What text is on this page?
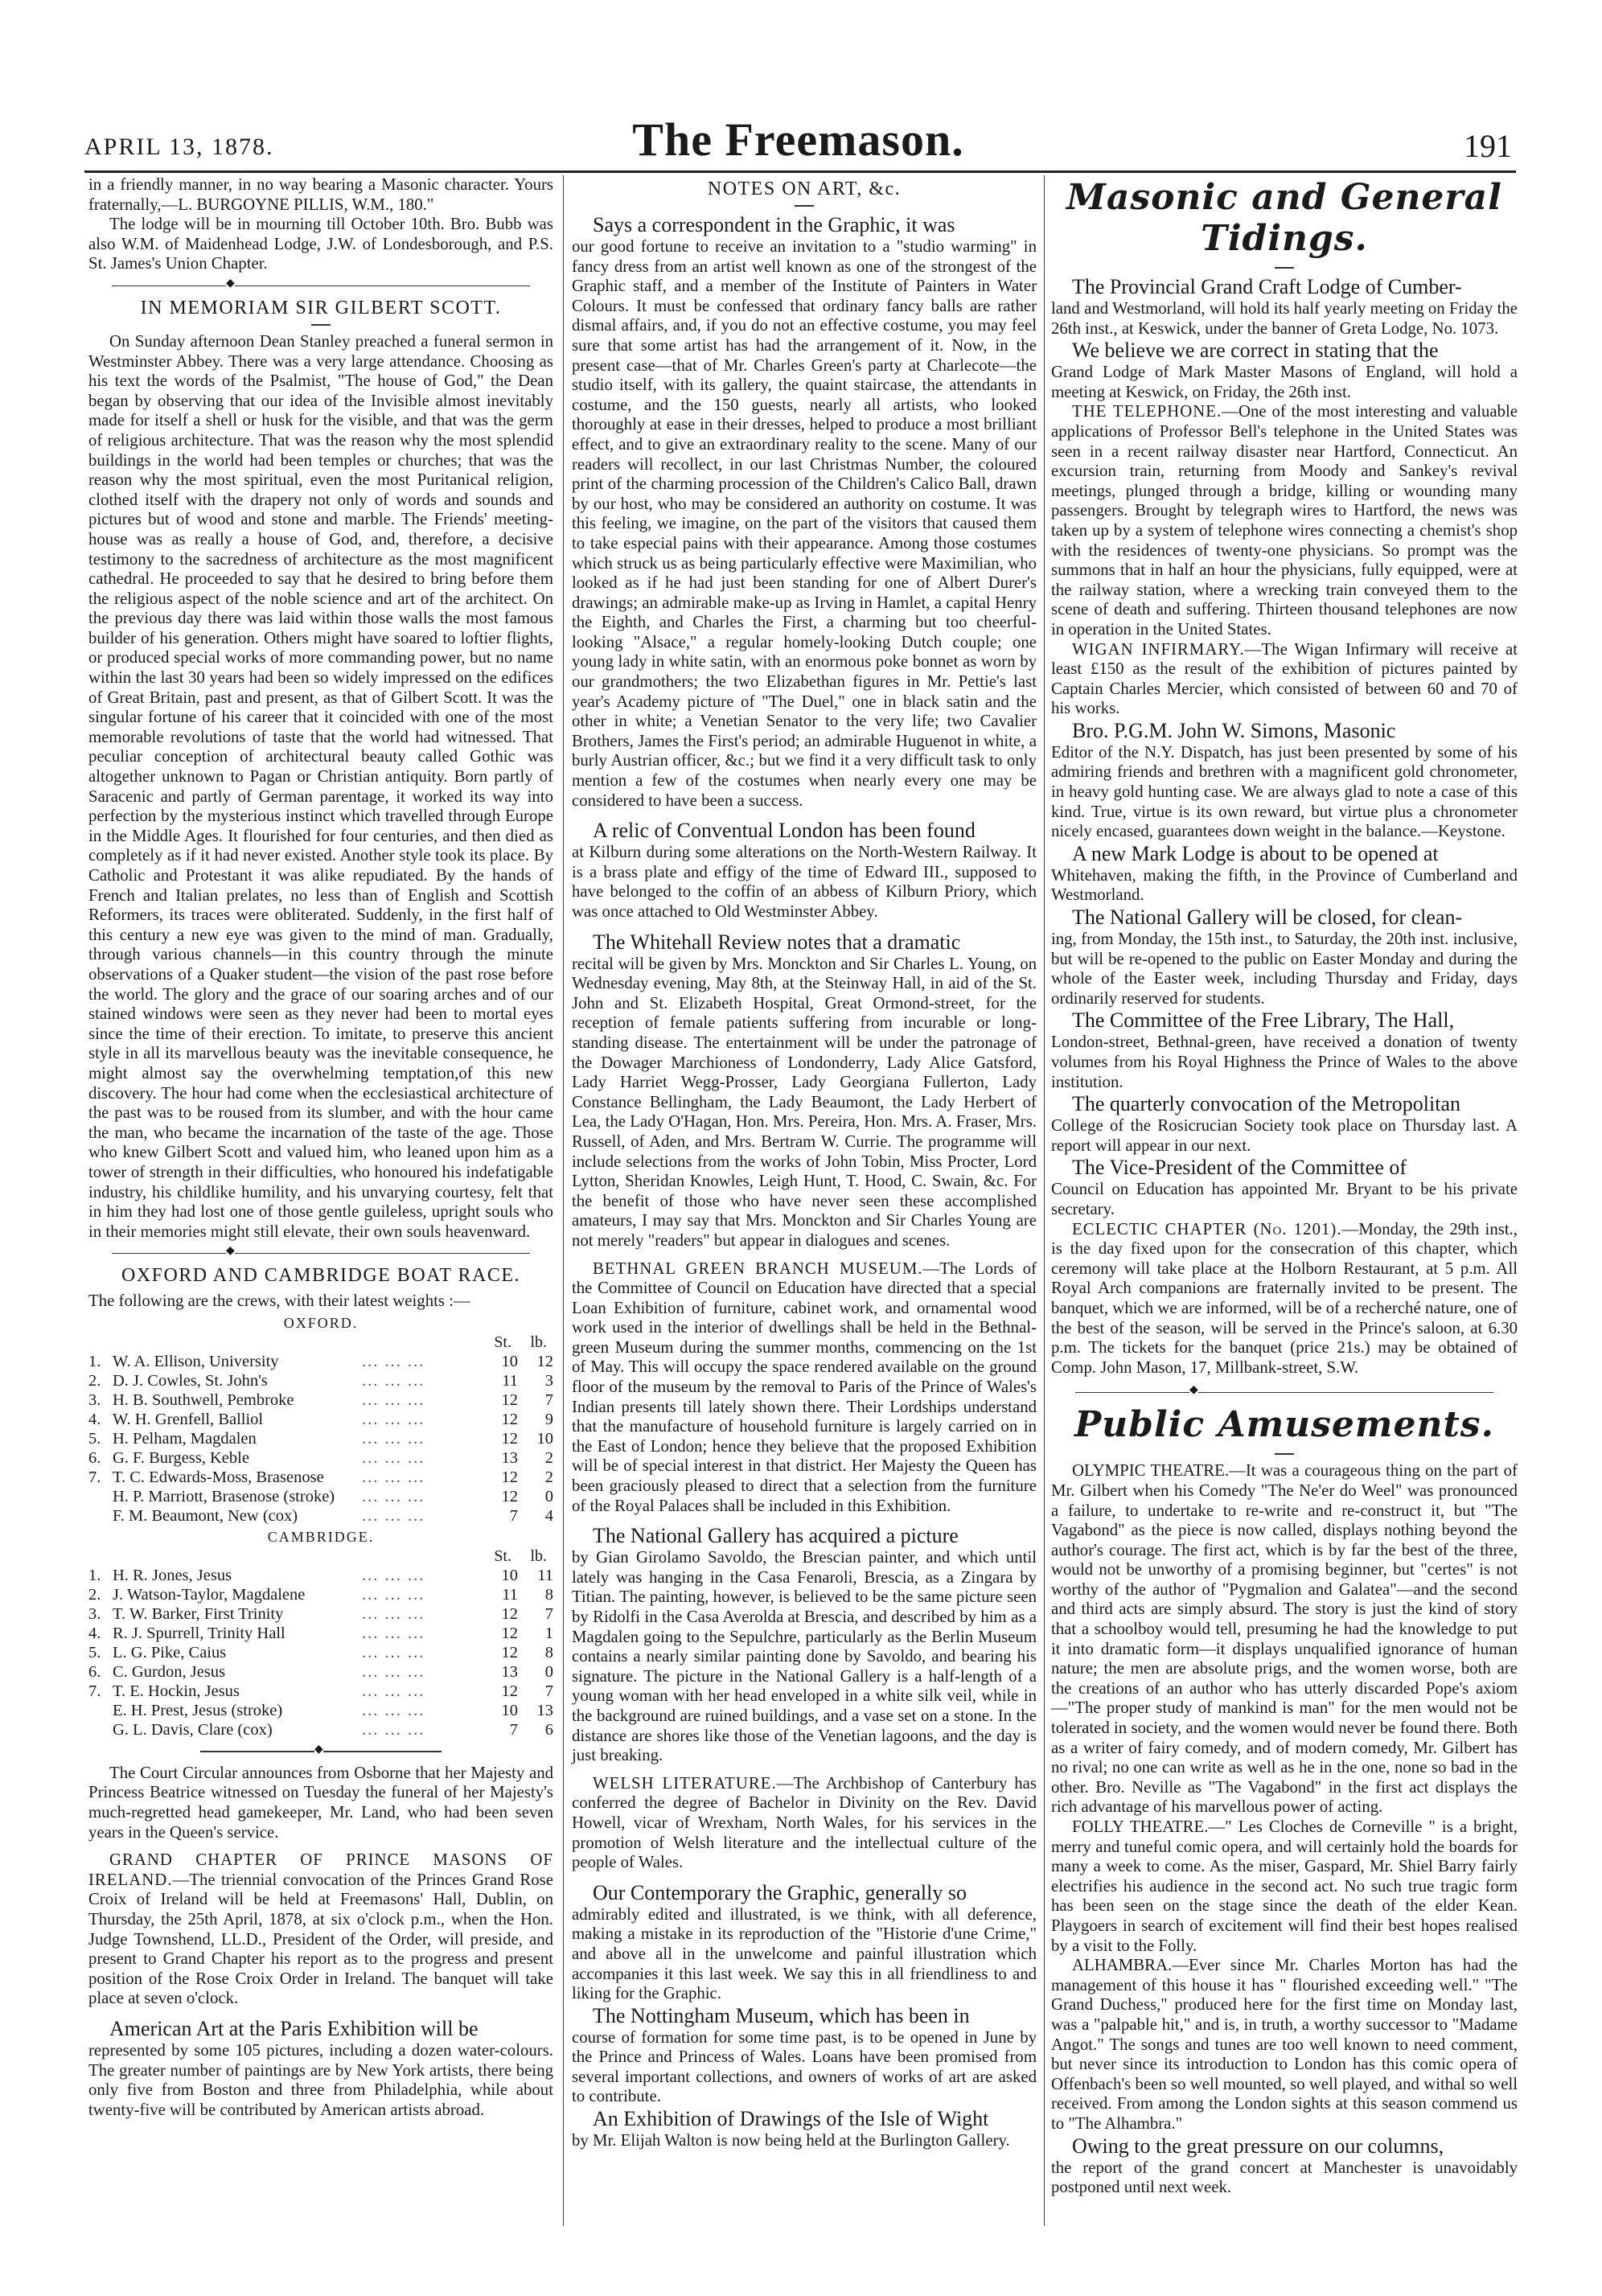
APRIL 13, 1878.	The Freemason.	191

in a friendly manner, in no way bearing a Masonic character. Yours fraternally,—L. BURGOYNE PILLIS, W.M., 180."

The lodge will be in mourning till October 10th. Bro. Bubb was also W.M. of Maidenhead Lodge, J.W. of Londesborough, and P.S. St. James's Union Chapter.

◆
IN MEMORIAM SIR GILBERT SCOTT.

On Sunday afternoon Dean Stanley preached a funeral sermon in Westminster Abbey. There was a very large attendance. Choosing as his text the words of the Psalmist, "The house of God," the Dean began by observing that our idea of the Invisible almost inevitably made for itself a shell or husk for the visible, and that was the germ of religious architecture. That was the reason why the most splendid buildings in the world had been temples or churches; that was the reason why the most spiritual, even the most Puritanical religion, clothed itself with the drapery not only of words and sounds and pictures but of wood and stone and marble. The Friends' meeting-house was as really a house of God, and, therefore, a decisive testimony to the sacredness of architecture as the most magnificent cathedral. He proceeded to say that he desired to bring before them the religious aspect of the noble science and art of the architect. On the previous day there was laid within those walls the most famous builder of his generation. Others might have soared to loftier flights, or produced special works of more commanding power, but no name within the last 30 years had been so widely impressed on the edifices of Great Britain, past and present, as that of Gilbert Scott. It was the singular fortune of his career that it coincided with one of the most memorable revolutions of taste that the world had witnessed. That peculiar conception of architectural beauty called Gothic was altogether unknown to Pagan or Christian antiquity. Born partly of Saracenic and partly of German parentage, it worked its way into perfection by the mysterious instinct which travelled through Europe in the Middle Ages. It flourished for four centuries, and then died as completely as if it had never existed. Another style took its place. By Catholic and Protestant it was alike repudiated. By the hands of French and Italian prelates, no less than of English and Scottish Reformers, its traces were obliterated. Suddenly, in the first half of this century a new eye was given to the mind of man. Gradually, through various channels—in this country through the minute observations of a Quaker student—the vision of the past rose before the world. The glory and the grace of our soaring arches and of our stained windows were seen as they never had been to mortal eyes since the time of their erection. To imitate, to preserve this ancient style in all its marvellous beauty was the inevitable consequence, he might almost say the overwhelming temptation,of this new discovery. The hour had come when the ecclesiastical architecture of the past was to be roused from its slumber, and with the hour came the man, who became the incarnation of the taste of the age. Those who knew Gilbert Scott and valued him, who leaned upon him as a tower of strength in their difficulties, who honoured his indefatigable industry, his childlike humility, and his unvarying courtesy, felt that in him they had lost one of those gentle guileless, upright souls who in their memories might still elevate, their own souls heavenward.

◆
OXFORD AND CAMBRIDGE BOAT RACE.

The following are the crews, with their latest weights :—

OXFORD.
St.	lb.
1. W. A. Ellison, University	... ... ...	10	12
2. D. J. Cowles, St. John's	... ... ...	11	3
3. H. B. Southwell, Pembroke	... ... ...	12	7
4. W. H. Grenfell, Balliol	... ... ...	12	9
5. H. Pelham, Magdalen	... ... ...	12	10
6. G. F. Burgess, Keble	... ... ...	13	2
7. T. C. Edwards-Moss, Brasenose	... ... ...	12	2
H. P. Marriott, Brasenose (stroke)	... ... ...	12	0
F. M. Beaumont, New (cox)	... ... ...	7	4
CAMBRIDGE.
St.	lb.
1. H. R. Jones, Jesus	... ... ...	10	11
2. J. Watson-Taylor, Magdalene	... ... ...	11	8
3. T. W. Barker, First Trinity	... ... ...	12	7
4. R. J. Spurrell, Trinity Hall	... ... ...	12	1
5. L. G. Pike, Caius	... ... ...	12	8
6. C. Gurdon, Jesus	... ... ...	13	0
7. T. E. Hockin, Jesus	... ... ...	12	7
E. H. Prest, Jesus (stroke)	... ... ...	10	13
G. L. Davis, Clare (cox)	... ... ...	7	6
◆

The Court Circular announces from Osborne that her Majesty and Princess Beatrice witnessed on Tuesday the funeral of her Majesty's much-regretted head gamekeeper, Mr. Land, who had been seven years in the Queen's service.

GRAND CHAPTER OF PRINCE MASONS OF IRELAND.—The triennial convocation of the Princes Grand Rose Croix of Ireland will be held at Freemasons' Hall, Dublin, on Thursday, the 25th April, 1878, at six o'clock p.m., when the Hon. Judge Townshend, LL.D., President of the Order, will preside, and present to Grand Chapter his report as to the progress and present position of the Rose Croix Order in Ireland. The banquet will take place at seven o'clock.

American Art at the Paris Exhibition will be

represented by some 105 pictures, including a dozen water-colours. The greater number of paintings are by New York artists, there being only five from Boston and three from Philadelphia, while about twenty-five will be contributed by American artists abroad.

NOTES ON ART, &c.

Says a correspondent in the Graphic, it was

our good fortune to receive an invitation to a "studio warming" in fancy dress from an artist well known as one of the strongest of the Graphic staff, and a member of the Institute of Painters in Water Colours. It must be confessed that ordinary fancy balls are rather dismal affairs, and, if you do not an effective costume, you may feel sure that some artist has had the arrangement of it. Now, in the present case—that of Mr. Charles Green's party at Charlecote—the studio itself, with its gallery, the quaint staircase, the attendants in costume, and the 150 guests, nearly all artists, who looked thoroughly at ease in their dresses, helped to produce a most brilliant effect, and to give an extraordinary reality to the scene. Many of our readers will recollect, in our last Christmas Number, the coloured print of the charming procession of the Children's Calico Ball, drawn by our host, who may be considered an authority on costume. It was this feeling, we imagine, on the part of the visitors that caused them to take especial pains with their appearance. Among those costumes which struck us as being particularly effective were Maximilian, who looked as if he had just been standing for one of Albert Durer's drawings; an admirable make-up as Irving in Hamlet, a capital Henry the Eighth, and Charles the First, a charming but too cheerful-looking "Alsace," a regular homely-looking Dutch couple; one young lady in white satin, with an enormous poke bonnet as worn by our grandmothers; the two Elizabethan figures in Mr. Pettie's last year's Academy picture of "The Duel," one in black satin and the other in white; a Venetian Senator to the very life; two Cavalier Brothers, James the First's period; an admirable Huguenot in white, a burly Austrian officer, &c.; but we find it a very difficult task to only mention a few of the costumes when nearly every one may be considered to have been a success.

A relic of Conventual London has been found

at Kilburn during some alterations on the North-Western Railway. It is a brass plate and effigy of the time of Edward III., supposed to have belonged to the coffin of an abbess of Kilburn Priory, which was once attached to Old Westminster Abbey.

The Whitehall Review notes that a dramatic

recital will be given by Mrs. Monckton and Sir Charles L. Young, on Wednesday evening, May 8th, at the Steinway Hall, in aid of the St. John and St. Elizabeth Hospital, Great Ormond-street, for the reception of female patients suffering from incurable or long-standing disease. The entertainment will be under the patronage of the Dowager Marchioness of Londonderry, Lady Alice Gatsford, Lady Harriet Wegg-Prosser, Lady Georgiana Fullerton, Lady Constance Bellingham, the Lady Beaumont, the Lady Herbert of Lea, the Lady O'Hagan, Hon. Mrs. Pereira, Hon. Mrs. A. Fraser, Mrs. Russell, of Aden, and Mrs. Bertram W. Currie. The programme will include selections from the works of John Tobin, Miss Procter, Lord Lytton, Sheridan Knowles, Leigh Hunt, T. Hood, C. Swain, &c. For the benefit of those who have never seen these accomplished amateurs, I may say that Mrs. Monckton and Sir Charles Young are not merely "readers" but appear in dialogues and scenes.

BETHNAL GREEN BRANCH MUSEUM.—The Lords of the Committee of Council on Education have directed that a special Loan Exhibition of furniture, cabinet work, and ornamental wood work used in the interior of dwellings shall be held in the Bethnal-green Museum during the summer months, commencing on the 1st of May. This will occupy the space rendered available on the ground floor of the museum by the removal to Paris of the Prince of Wales's Indian presents till lately shown there. Their Lordships understand that the manufacture of household furniture is largely carried on in the East of London; hence they believe that the proposed Exhibition will be of special interest in that district. Her Majesty the Queen has been graciously pleased to direct that a selection from the furniture of the Royal Palaces shall be included in this Exhibition.

The National Gallery has acquired a picture

by Gian Girolamo Savoldo, the Brescian painter, and which until lately was hanging in the Casa Fenaroli, Brescia, as a Zingara by Titian. The painting, however, is believed to be the same picture seen by Ridolfi in the Casa Averolda at Brescia, and described by him as a Magdalen going to the Sepulchre, particularly as the Berlin Museum contains a nearly similar painting done by Savoldo, and bearing his signature. The picture in the National Gallery is a half-length of a young woman with her head enveloped in a white silk veil, while in the background are ruined buildings, and a vase set on a stone. In the distance are shores like those of the Venetian lagoons, and the day is just breaking.

WELSH LITERATURE.—The Archbishop of Canterbury has conferred the degree of Bachelor in Divinity on the Rev. David Howell, vicar of Wrexham, North Wales, for his services in the promotion of Welsh literature and the intellectual culture of the people of Wales.

Our Contemporary the Graphic, generally so

admirably edited and illustrated, is we think, with all deference, making a mistake in its reproduction of the "Historie d'une Crime," and above all in the unwelcome and painful illustration which accompanies it this last week. We say this in all friendliness to and liking for the Graphic.

The Nottingham Museum, which has been in

course of formation for some time past, is to be opened in June by the Prince and Princess of Wales. Loans have been promised from several important collections, and owners of works of art are asked to contribute.

An Exhibition of Drawings of the Isle of Wight

by Mr. Elijah Walton is now being held at the Burlington Gallery.

Masonic and General Tidings.

The Provincial Grand Craft Lodge of Cumber-

land and Westmorland, will hold its half yearly meeting on Friday the 26th inst., at Keswick, under the banner of Greta Lodge, No. 1073.

We believe we are correct in stating that the

Grand Lodge of Mark Master Masons of England, will hold a meeting at Keswick, on Friday, the 26th inst.

THE TELEPHONE.—One of the most interesting and valuable applications of Professor Bell's telephone in the United States was seen in a recent railway disaster near Hartford, Connecticut. An excursion train, returning from Moody and Sankey's revival meetings, plunged through a bridge, killing or wounding many passengers. Brought by telegraph wires to Hartford, the news was taken up by a system of telephone wires connecting a chemist's shop with the residences of twenty-one physicians. So prompt was the summons that in half an hour the physicians, fully equipped, were at the railway station, where a wrecking train conveyed them to the scene of death and suffering. Thirteen thousand telephones are now in operation in the United States.

WIGAN INFIRMARY.—The Wigan Infirmary will receive at least £150 as the result of the exhibition of pictures painted by Captain Charles Mercier, which consisted of between 60 and 70 of his works.

Bro. P.G.M. John W. Simons, Masonic

Editor of the N.Y. Dispatch, has just been presented by some of his admiring friends and brethren with a magnificent gold chronometer, in heavy gold hunting case. We are always glad to note a case of this kind. True, virtue is its own reward, but virtue plus a chronometer nicely encased, guarantees down weight in the balance.—Keystone.

A new Mark Lodge is about to be opened at

Whitehaven, making the fifth, in the Province of Cumberland and Westmorland.

The National Gallery will be closed, for clean-

ing, from Monday, the 15th inst., to Saturday, the 20th inst. inclusive, but will be re-opened to the public on Easter Monday and during the whole of the Easter week, including Thursday and Friday, days ordinarily reserved for students.

The Committee of the Free Library, The Hall,

London-street, Bethnal-green, have received a donation of twenty volumes from his Royal Highness the Prince of Wales to the above institution.

The quarterly convocation of the Metropolitan

College of the Rosicrucian Society took place on Thursday last. A report will appear in our next.

The Vice-President of the Committee of

Council on Education has appointed Mr. Bryant to be his private secretary.

ECLECTIC CHAPTER (No. 1201).—Monday, the 29th inst., is the day fixed upon for the consecration of this chapter, which ceremony will take place at the Holborn Restaurant, at 5 p.m. All Royal Arch companions are fraternally invited to be present. The banquet, which we are informed, will be of a recherché nature, one of the best of the season, will be served in the Prince's saloon, at 6.30 p.m. The tickets for the banquet (price 21s.) may be obtained of Comp. John Mason, 17, Millbank-street, S.W.

◆
Public Amusements.

OLYMPIC THEATRE.—It was a courageous thing on the part of Mr. Gilbert when his Comedy "The Ne'er do Weel" was pronounced a failure, to undertake to re-write and re-construct it, but "The Vagabond" as the piece is now called, displays nothing beyond the author's courage. The first act, which is by far the best of the three, would not be unworthy of a promising beginner, but "certes" is not worthy of the author of "Pygmalion and Galatea"—and the second and third acts are simply absurd. The story is just the kind of story that a schoolboy would tell, presuming he had the knowledge to put it into dramatic form—it displays unqualified ignorance of human nature; the men are absolute prigs, and the women worse, both are the creations of an author who has utterly discarded Pope's axiom—"The proper study of mankind is man" for the men would not be tolerated in society, and the women would never be found there. Both as a writer of fairy comedy, and of modern comedy, Mr. Gilbert has no rival; no one can write as well as he in the one, none so bad in the other. Bro. Neville as "The Vagabond" in the first act displays the rich advantage of his marvellous power of acting.

FOLLY THEATRE.—" Les Cloches de Corneville " is a bright, merry and tuneful comic opera, and will certainly hold the boards for many a week to come. As the miser, Gaspard, Mr. Shiel Barry fairly electrifies his audience in the second act. No such true tragic form has been seen on the stage since the death of the elder Kean. Playgoers in search of excitement will find their best hopes realised by a visit to the Folly.

ALHAMBRA.—Ever since Mr. Charles Morton has had the management of this house it has " flourished exceeding well." "The Grand Duchess," produced here for the first time on Monday last, was a "palpable hit," and is, in truth, a worthy successor to "Madame Angot." The songs and tunes are too well known to need comment, but never since its introduction to London has this comic opera of Offenbach's been so well mounted, so well played, and withal so well received. From among the London sights at this season commend us to "The Alhambra."

Owing to the great pressure on our columns,

the report of the grand concert at Manchester is unavoidably postponed until next week.
